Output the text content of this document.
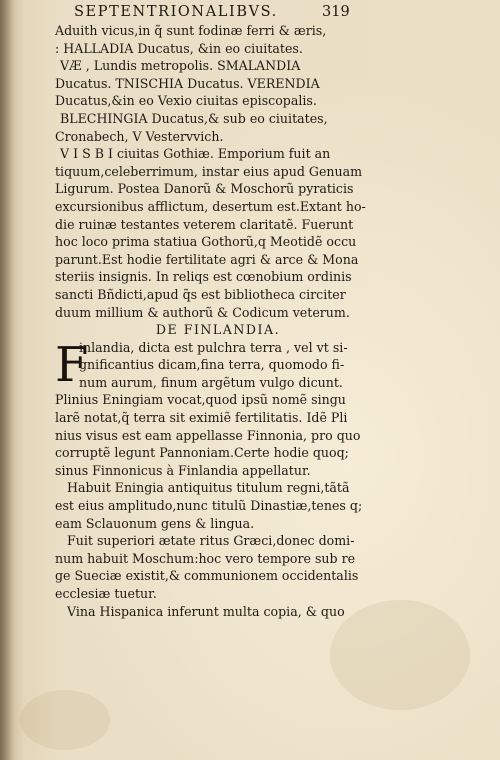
SEPTENTRIONALIBVS.	319
Aduith vicus,in q̃ sunt fodinæ ferri & æris,
: HALLADIA Ducatus, &in eo ciuitates.
VÆ , Lundis metropolis. SMALANDIA
Ducatus. TNISCHIA Ducatus. VERENDIA
Ducatus,&in eo Vexio ciuitas episcopalis.
BLECHINGIA Ducatus,& sub eo ciuitates,
Cronabech, V Vestervvich.
V I S B I ciuitas Gothiæ. Emporium fuit an
tiquum,celeberrimum, instar eius apud Genuam
Ligurum. Postea Danorũ & Moschorũ pyraticis
excursionibus afflictum, desertum est.Extant ho-
die ruinæ testantes veterem claritatẽ. Fuerunt
hoc loco prima statiua Gothorũ,q Meotidẽ occu
parunt.Est hodie fertilitate agri & arce & Mona
steriis insignis. In reliqs est cœnobium ordinis
sancti Bñdicti,apud q̃s est bibliotheca circiter
duum millium & authorũ & Codicum veterum.
DE FINLANDIA.
F
inlandia, dicta est pulchra terra , vel vt si-
gnificantius dicam,fina terra, quomodo fi-
num aurum, finum argẽtum vulgo dicunt.
Plinius Eningiam vocat,quod ipsũ nomẽ singu
larẽ notat,q̃ terra sit eximiẽ fertilitatis. Idẽ Pli
nius visus est eam appellasse Finnonia, pro quo
corruptẽ legunt Pannoniam.Certe hodie quoq;
sinus Finnonicus à Finlandia appellatur.
Habuit Eningia antiquitus titulum regni,tãtã
est eius amplitudo,nunc titulũ Dinastiæ,tenes q;
eam Sclauonum gens & lingua.
Fuit superiori ætate ritus Græci,donec domi-
num habuit Moschum:hoc vero tempore sub re
ge Sueciæ existit,& communionem occidentalis
ecclesiæ tuetur.
Vina Hispanica inferunt multa copia, & quo
